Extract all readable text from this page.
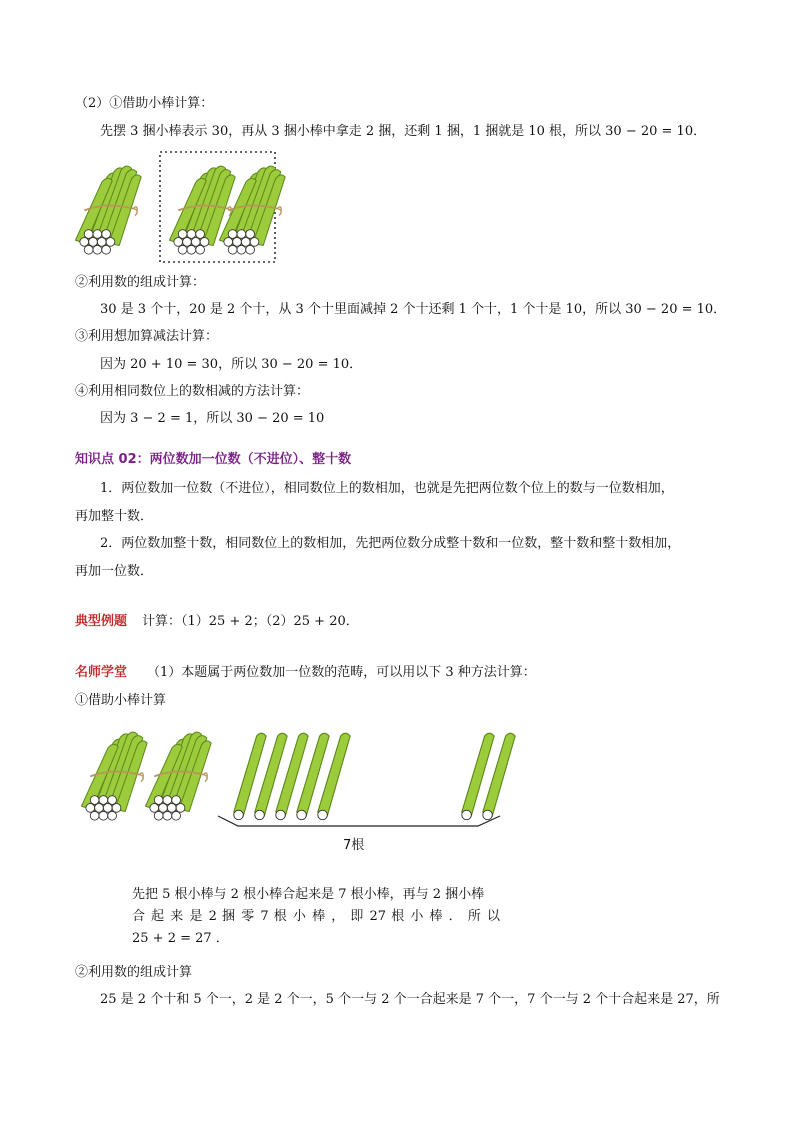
（2）①借助小棒计算：
先摆 3 捆小棒表示 30，再从 3 捆小棒中拿走 2 捆，还剩 1 捆，1 捆就是 10 根，所以 30 − 20 = 10．
②利用数的组成计算：
30 是 3 个十，20 是 2 个十，从 3 个十里面减掉 2 个十还剩 1 个十，1 个十是 10，所以 30 − 20 = 10．
③利用想加算减法计算：
因为 20 + 10 = 30，所以 30 − 20 = 10．
④利用相同数位上的数相减的方法计算：
因为 3 − 2 = 1，所以 30 − 20 = 10
知识点 02：两位数加一位数（不进位）、整十数
1．两位数加一位数（不进位），相同数位上的数相加，也就是先把两位数个位上的数与一位数相加，
再加整十数．
2．两位数加整十数，相同数位上的数相加，先把两位数分成整十数和一位数，整十数和整十数相加，
再加一位数．
典型例题 计算：（1）25 + 2；（2）25 + 20．
名师学堂 （1）本题属于两位数加一位数的范畴，可以用以下 3 种方法计算：
①借助小棒计算
7根
先把 5 根小棒与 2 根小棒合起来是 7 根小棒，再与 2 捆小棒
合 起 来 是 2 捆 零 7 根 小 棒 ， 即 27 根 小 棒 ． 所 以
25 + 2 = 27 ．
②利用数的组成计算
25 是 2 个十和 5 个一，2 是 2 个一，5 个一与 2 个一合起来是 7 个一，7 个一与 2 个十合起来是 27，所
